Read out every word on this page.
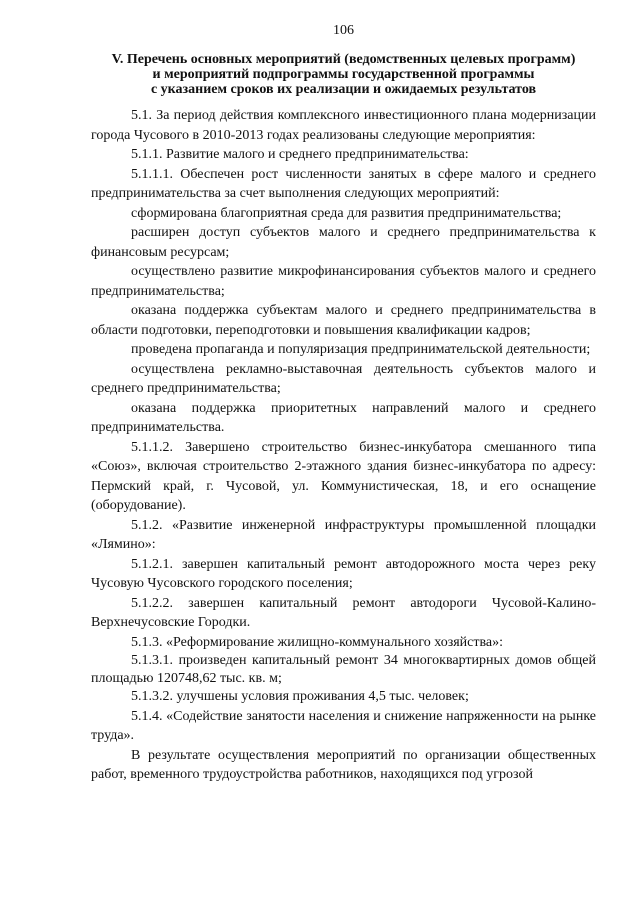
106
V. Перечень основных мероприятий (ведомственных целевых программ)
и мероприятий подпрограммы государственной программы
с указанием сроков их реализации и ожидаемых результатов

5.1. За период действия комплексного инвестиционного плана модернизации города Чусового в 2010-2013 годах реализованы следующие мероприятия:

5.1.1. Развитие малого и среднего предпринимательства:

5.1.1.1. Обеспечен рост численности занятых в сфере малого и среднего предпринимательства за счет выполнения следующих мероприятий:

сформирована благоприятная среда для развития предпринимательства;

расширен доступ субъектов малого и среднего предпринимательства к финансовым ресурсам;

осуществлено развитие микрофинансирования субъектов малого и среднего предпринимательства;

оказана поддержка субъектам малого и среднего предпринимательства в области подготовки, переподготовки и повышения квалификации кадров;

проведена пропаганда и популяризация предпринимательской деятельности;

осуществлена рекламно-выставочная деятельность субъектов малого и среднего предпринимательства;

оказана поддержка приоритетных направлений малого и среднего предпринимательства.

5.1.1.2. Завершено строительство бизнес-инкубатора смешанного типа «Союз», включая строительство 2-этажного здания бизнес-инкубатора по адресу: Пермский край, г. Чусовой, ул. Коммунистическая, 18, и его оснащение (оборудование).

5.1.2. «Развитие инженерной инфраструктуры промышленной площадки «Лямино»:

5.1.2.1. завершен капитальный ремонт автодорожного моста через реку Чусовую Чусовского городского поселения;

5.1.2.2. завершен капитальный ремонт автодороги Чусовой-Калино-Верхнечусовские Городки.

5.1.3. «Реформирование жилищно-коммунального хозяйства»:

5.1.3.1. произведен капитальный ремонт 34 многоквартирных домов общей площадью 120748,62 тыс. кв. м;

5.1.3.2. улучшены условия проживания 4,5 тыс. человек;

5.1.4. «Содействие занятости населения и снижение напряженности на рынке труда».

В результате осуществления мероприятий по организации общественных работ, временного трудоустройства работников, находящихся под угрозой
